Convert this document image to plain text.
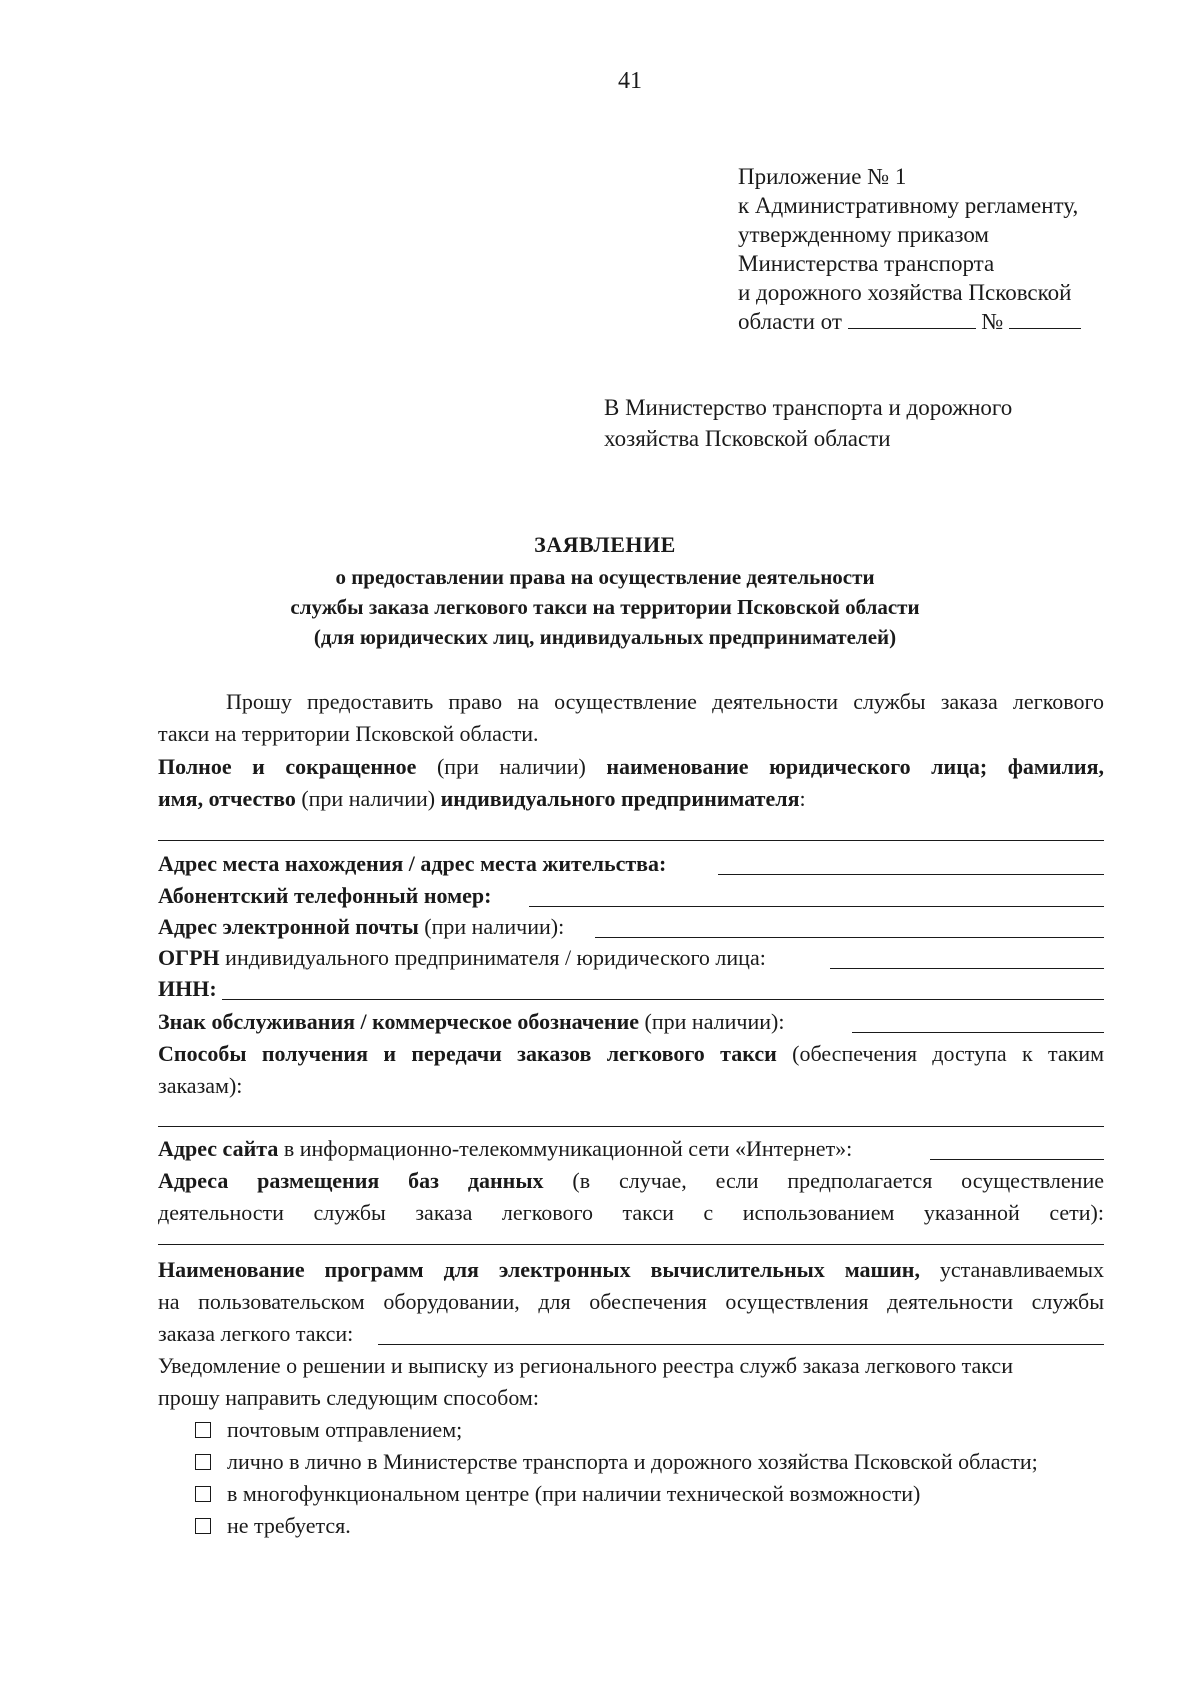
41
Приложение № 1
к Административному регламенту,
утвержденному приказом
Министерства транспорта
и дорожного хозяйства Псковской
области от	№
В Министерство транспорта и дорожного
хозяйства Псковской области
ЗАЯВЛЕНИЕ
о предоставлении права на осуществление деятельности
службы заказа легкового такси на территории Псковской области
(для юридических лиц, индивидуальных предпринимателей)
Прошу предоставить право на осуществление деятельности службы заказа легкового
такси на территории Псковской области.
Полное и сокращенное (при наличии) наименование юридического лица; фамилия,
имя, отчество (при наличии) индивидуального предпринимателя:
Адрес места нахождения / адрес места жительства:
Абонентский телефонный номер:
Адрес электронной почты (при наличии):
ОГРН индивидуального предпринимателя / юридического лица:
ИНН:
Знак обслуживания / коммерческое обозначение (при наличии):
Способы получения и передачи заказов легкового такси (обеспечения доступа к таким
заказам):
Адрес сайта в информационно-телекоммуникационной сети «Интернет»:
Адреса размещения баз данных (в случае, если предполагается осуществление
деятельности службы заказа легкового такси с использованием указанной сети):
Наименование программ для электронных вычислительных машин, устанавливаемых
на пользовательском оборудовании, для обеспечения осуществления деятельности службы
заказа легкого такси:
Уведомление о решении и выписку из регионального реестра служб заказа легкового такси
прошу направить следующим способом:
почтовым отправлением;
лично в лично в Министерстве транспорта и дорожного хозяйства Псковской области;
в многофункциональном центре (при наличии технической возможности)
не требуется.
